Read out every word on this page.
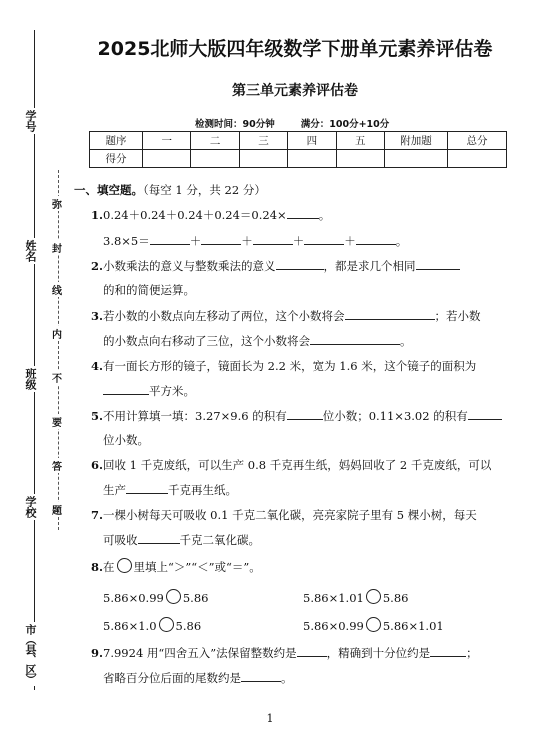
学号
姓名
班级
学校
市（县、区）
弥
封
线
内
不
要
答
题
2025北师大版四年级数学下册单元素养评估卷
第三单元素养评估卷
检测时间：90分钟	满分：100分+10分
题序	一	二	三	四	五	附加题	总分
得分							
一、填空题。（每空 1 分，共 22 分）
1.0.24＋0.24＋0.24＋0.24＝0.24×	。
3.8×5＝	＋	＋	＋	＋	。
2.小数乘法的意义与整数乘法的意义	，都是求几个相同
的和的简便运算。
3.若小数的小数点向左移动了两位，这个小数将会	；若小数
的小数点向右移动了三位，这个小数将会	。
4.有一面长方形的镜子，镜面长为 2.2 米，宽为 1.6 米，这个镜子的面积为
平方米。
5.不用计算填一填：3.27×9.6 的积有	位小数；0.11×3.02 的积有
位小数。
6.回收 1 千克废纸，可以生产 0.8 千克再生纸，妈妈回收了 2 千克废纸，可以
生产	千克再生纸。
7.一棵小树每天可吸收 0.1 千克二氧化碳，亮亮家院子里有 5 棵小树，每天
可吸收	千克二氧化碳。
8.在 里填上“＞”“＜”或“＝”。
5.86×0.99 5.86	5.86×1.01 5.86
5.86×1.0 5.86	5.86×0.99 5.86×1.01
9.7.9924 用“四舍五入”法保留整数约是	，精确到十分位约是	；
省略百分位后面的尾数约是	。
1
